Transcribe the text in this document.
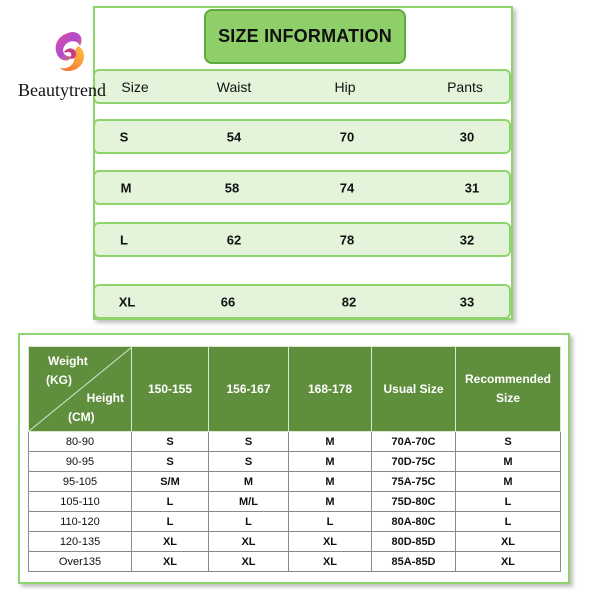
SIZE INFORMATION
Size	Waist	Hip	Pants
S	54	70	30
M	58	74	31
L	62	78	32
XL	66	82	33
Beautytrend
Weight
(KG)
Height
(CM)	150-155	156-167	168-178	Usual Size	Recommended Size

80-90	S	S	M	70A-70C	S
90-95	S	S	M	70D-75C	M
95-105	S/M	M	M	75A-75C	M
105-110	L	M/L	M	75D-80C	L
110-120	L	L	L	80A-80C	L
120-135	XL	XL	XL	80D-85D	XL
Over135	XL	XL	XL	85A-85D	XL
